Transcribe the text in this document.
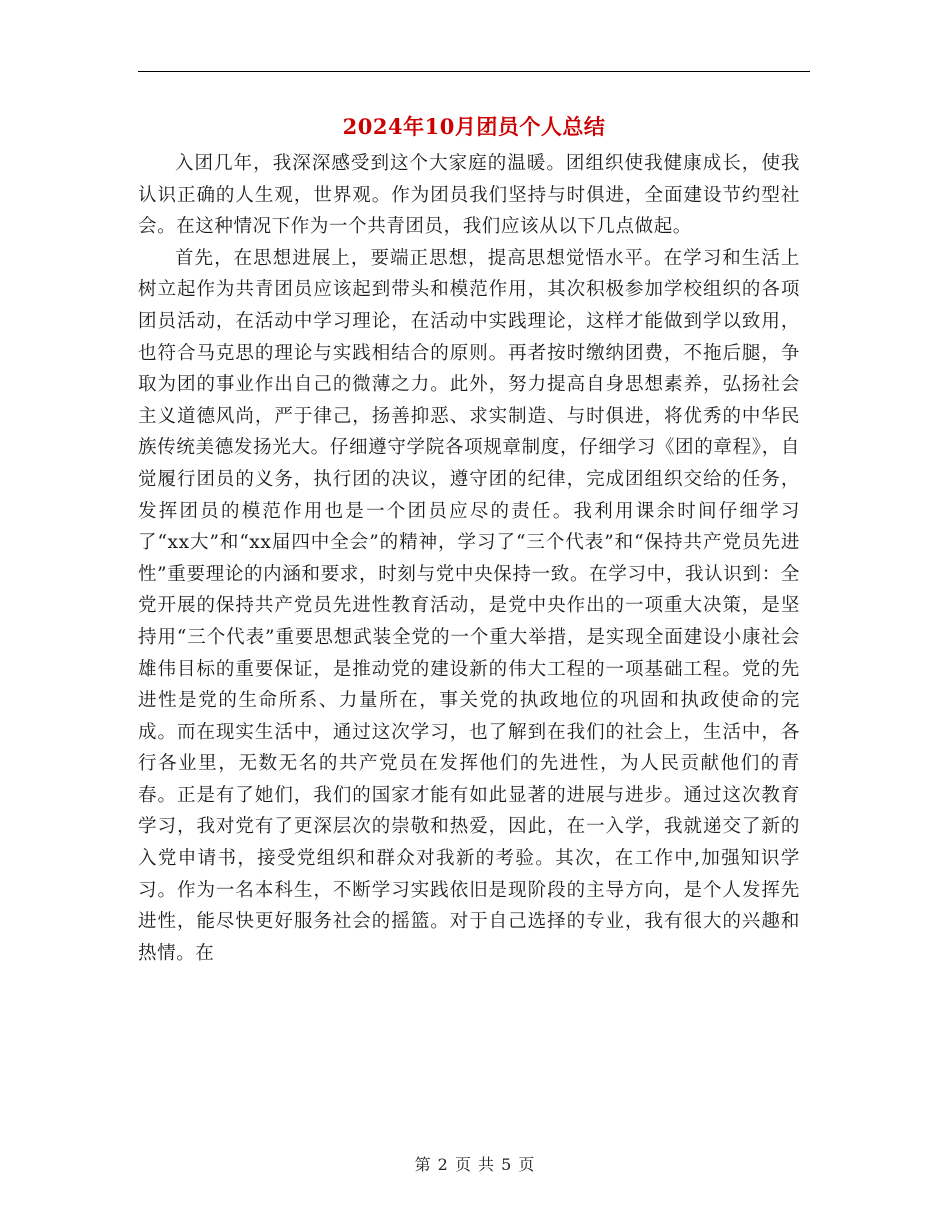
2024年10月团员个人总结

入团几年，我深深感受到这个大家庭的温暖。团组织使我健康成长，使我认识正确的人生观，世界观。作为团员我们坚持与时俱进，全面建设节约型社会。在这种情况下作为一个共青团员，我们应该从以下几点做起。

首先，在思想进展上，要端正思想，提高思想觉悟水平。在学习和生活上树立起作为共青团员应该起到带头和模范作用，其次积极参加学校组织的各项团员活动，在活动中学习理论，在活动中实践理论，这样才能做到学以致用，也符合马克思的理论与实践相结合的原则。再者按时缴纳团费，不拖后腿，争取为团的事业作出自己的微薄之力。此外，努力提高自身思想素养，弘扬社会主义道德风尚，严于律己，扬善抑恶、求实制造、与时俱进，将优秀的中华民族传统美德发扬光大。仔细遵守学院各项规章制度，仔细学习《团的章程》，自觉履行团员的义务，执行团的决议，遵守团的纪律，完成团组织交给的任务，发挥团员的模范作用也是一个团员应尽的责任。我利用课余时间仔细学习了“xx大”和“xx届四中全会”的精神，学习了“三个代表”和“保持共产党员先进性”重要理论的内涵和要求，时刻与党中央保持一致。在学习中，我认识到：全党开展的保持共产党员先进性教育活动，是党中央作出的一项重大决策，是坚持用“三个代表”重要思想武装全党的一个重大举措，是实现全面建设小康社会雄伟目标的重要保证，是推动党的建设新的伟大工程的一项基础工程。党的先进性是党的生命所系、力量所在，事关党的执政地位的巩固和执政使命的完成。而在现实生活中，通过这次学习，也了解到在我们的社会上，生活中，各行各业里，无数无名的共产党员在发挥他们的先进性，为人民贡献他们的青春。正是有了她们，我们的国家才能有如此显著的进展与进步。通过这次教育学习，我对党有了更深层次的崇敬和热爱，因此，在一入学，我就递交了新的入党申请书，接受党组织和群众对我新的考验。其次，在工作中,加强知识学习。作为一名本科生，不断学习实践依旧是现阶段的主导方向，是个人发挥先进性，能尽快更好服务社会的摇篮。对于自己选择的专业，我有很大的兴趣和热情。在

第 2 页 共 5 页
